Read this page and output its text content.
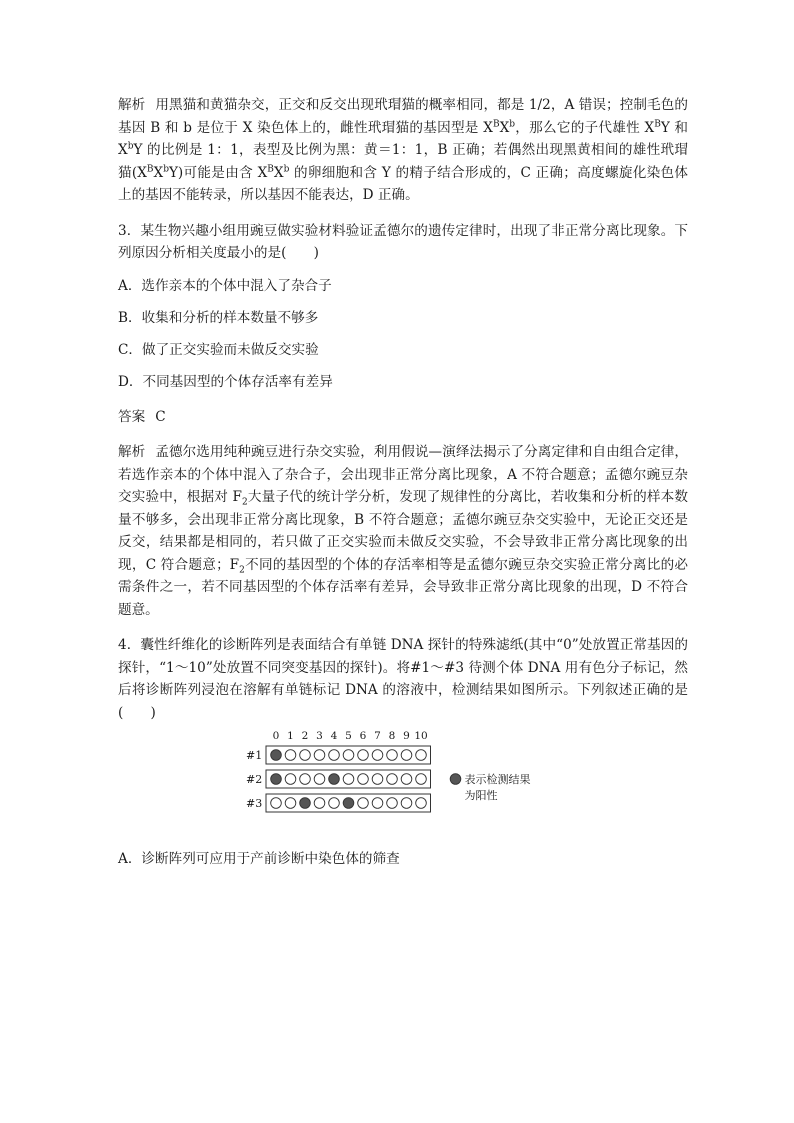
解析 用黑猫和黄猫杂交，正交和反交出现玳瑁猫的概率相同，都是 1/2，A 错误；控制毛色的基因 B 和 b 是位于 X 染色体上的，雌性玳瑁猫的基因型是 $X^BX^b$，那么它的子代雄性 $X^BY$ 和 $X^bY$ 的比例是 1：1，表型及比例为黑：黄＝1：1，B 正确；若偶然出现黑黄相间的雄性玳瑁猫$(X^BX^bY)$可能是由含 $X^BX^b$ 的卵细胞和含 Y 的精子结合形成的，C 正确；高度螺旋化染色体上的基因不能转录，所以基因不能表达，D 正确。

3．某生物兴趣小组用豌豆做实验材料验证孟德尔的遗传定律时，出现了非正常分离比现象。下列原因分析相关度最小的是(　　)

A．选作亲本的个体中混入了杂合子

B．收集和分析的样本数量不够多

C．做了正交实验而未做反交实验

D．不同基因型的个体存活率有差异

答案 C

解析 孟德尔选用纯种豌豆进行杂交实验，利用假说—演绎法揭示了分离定律和自由组合定律，若选作亲本的个体中混入了杂合子，会出现非正常分离比现象，A 不符合题意；孟德尔豌豆杂交实验中，根据对 $F_2$大量子代的统计学分析，发现了规律性的分离比，若收集和分析的样本数量不够多，会出现非正常分离比现象，B 不符合题意；孟德尔豌豆杂交实验中，无论正交还是反交，结果都是相同的，若只做了正交实验而未做反交实验，不会导致非正常分离比现象的出现，C 符合题意；$F_2$不同的基因型的个体的存活率相等是孟德尔豌豆杂交实验正常分离比的必需条件之一，若不同基因型的个体存活率有差异，会导致非正常分离比现象的出现，D 不符合题意。

4．囊性纤维化的诊断阵列是表面结合有单链 DNA 探针的特殊滤纸(其中“0”处放置正常基因的探针，“1～10”处放置不同突变基因的探针)。将#1～#3 待测个体 DNA 用有色分子标记，然后将诊断阵列浸泡在溶解有单链标记 DNA 的溶液中，检测结果如图所示。下列叙述正确的是(　　)

0 1 2 3 4 5 6 7 8 9 10
#1
#2
#3
表示检测结果
为阳性

A．诊断阵列可应用于产前诊断中染色体的筛查
